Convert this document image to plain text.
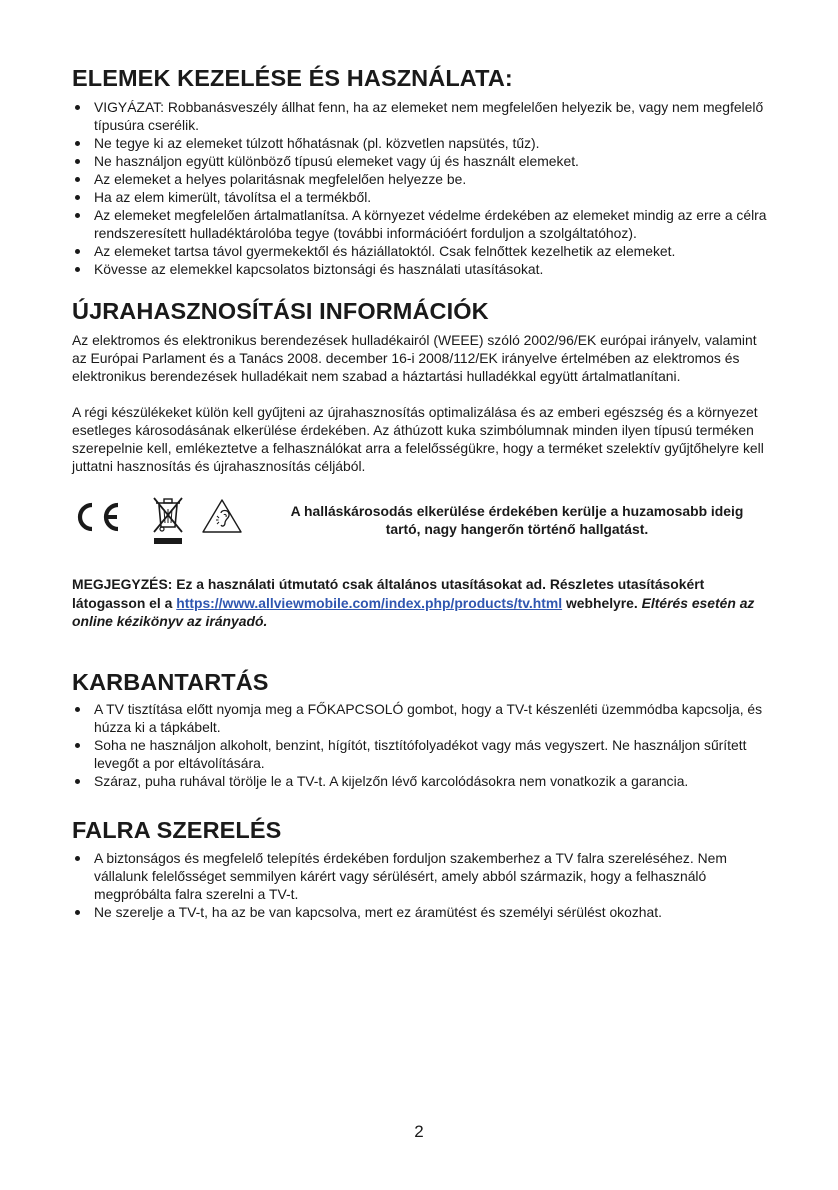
ELEMEK KEZELÉSE ÉS HASZNÁLATA:
VIGYÁZAT: Robbanásveszély állhat fenn, ha az elemeket nem megfelelően helyezik be, vagy nem megfelelő típusúra cserélik.
Ne tegye ki az elemeket túlzott hőhatásnak (pl. közvetlen napsütés, tűz).
Ne használjon együtt különböző típusú elemeket vagy új és használt elemeket.
Az elemeket a helyes polaritásnak megfelelően helyezze be.
Ha az elem kimerült, távolítsa el a termékből.
Az elemeket megfelelően ártalmatlanítsa. A környezet védelme érdekében az elemeket mindig az erre a célra rendszeresített hulladéktárolóba tegye (további információért forduljon a szolgáltatóhoz).
Az elemeket tartsa távol gyermekektől és háziállatoktól. Csak felnőttek kezelhetik az elemeket.
Kövesse az elemekkel kapcsolatos biztonsági és használati utasításokat.
ÚJRAHASZNOSÍTÁSI INFORMÁCIÓK

Az elektromos és elektronikus berendezések hulladékairól (WEEE) szóló 2002/96/EK európai irányelv, valamint az Európai Parlament és a Tanács 2008. december 16-i 2008/112/EK irányelve értelmében az elektromos és elektronikus berendezések hulladékait nem szabad a háztartási hulladékkal együtt ártalmatlanítani.

A régi készülékeket külön kell gyűjteni az újrahasznosítás optimalizálása és az emberi egészség és a környezet esetleges károsodásának elkerülése érdekében. Az áthúzott kuka szimbólumnak minden ilyen típusú terméken szerepelnie kell, emlékeztetve a felhasználókat arra a felelősségükre, hogy a terméket szelektív gyűjtőhelyre kell juttatni hasznosítás és újrahasznosítás céljából.

A halláskárosodás elkerülése érdekében kerülje a huzamosabb ideig
tartó, nagy hangerőn történő hallgatást.

MEGJEGYZÉS: Ez a használati útmutató csak általános utasításokat ad. Részletes utasításokért látogasson el a https://www.allviewmobile.com/index.php/products/tv.html webhelyre. Eltérés esetén az online kézikönyv az irányadó.

KARBANTARTÁS
A TV tisztítása előtt nyomja meg a FŐKAPCSOLÓ gombot, hogy a TV-t készenléti üzemmódba kapcsolja, és húzza ki a tápkábelt.
Soha ne használjon alkoholt, benzint, hígítót, tisztítófolyadékot vagy más vegyszert. Ne használjon sűrített levegőt a por eltávolítására.
Száraz, puha ruhával törölje le a TV-t. A kijelzőn lévő karcolódásokra nem vonatkozik a garancia.
FALRA SZERELÉS
A biztonságos és megfelelő telepítés érdekében forduljon szakemberhez a TV falra szereléséhez. Nem vállalunk felelősséget semmilyen kárért vagy sérülésért, amely abból származik, hogy a felhasználó megpróbálta falra szerelni a TV-t.
Ne szerelje a TV-t, ha az be van kapcsolva, mert ez áramütést és személyi sérülést okozhat.
2
